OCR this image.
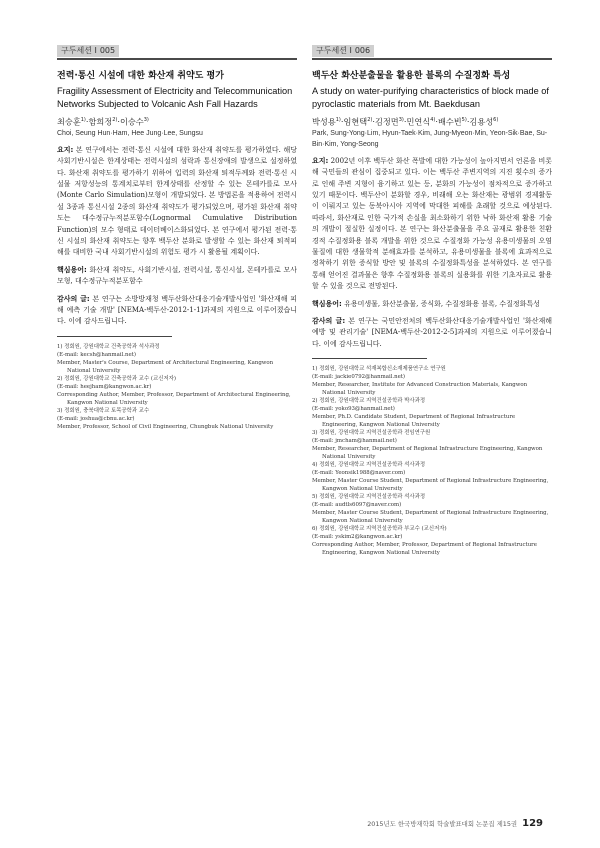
구두세션 I 005
전력·통신 시설에 대한 화산재 취약도 평가
Fragility Assessment of Electricity and Telecommunication Networks Subjected to Volcanic Ash Fall Hazards
최승훈$^{1)}$·함희정$^{2)}$·이승수$^{3)}$
Choi, Seung Hun·Ham, Hee Jung·Lee, Sungsu

요지: 본 연구에서는 전력·통신 시설에 대한 화산재 취약도를 평가하였다. 해당 사회기반시설은 한계상태는 전력시설의 섬락과 통신장애의 발생으로 설정하였다. 화산재 취약도를 평가하기 위하여 입력의 화산재 퇴적두께와 전력·통신 시설물 저항성능의 통계치로부터 한계상태를 산정할 수 있는 몬테카를로 모사(Monte Carlo Simulation)모형이 개발되었다. 본 방법론을 적용하여 전력시설 3종과 통신시설 2종의 화산재 취약도가 평가되었으며, 평가된 화산재 취약도는 대수정규누적분포함수(Lognormal Cumulative Distribution Function)의 모수 형태로 데이터베이스화되었다. 본 연구에서 평가된 전력·통신 시설의 화산재 취약도는 향후 백두산 분화로 발생할 수 있는 화산재 퇴적피해를 대비한 국내 사회기반시설의 위험도 평가 시 활용될 계획이다.

핵심용어: 화산재 취약도, 사회기반시설, 전력시설, 통신시설, 몬테카를로 모사모형, 대수정규누적분포함수

감사의 글: 본 연구는 소방방재청 백두산화산대응기술개발사업인 '화산재해 피해 예측 기술 개발' [NEMA-백두산-2012-1-1]과제의 지원으로 이루어졌습니다. 이에 감사드립니다.

1) 정회원, 강원대학교 건축공학과 석사과정
(E-mail: kecsh@hanmail.net)
Member, Master's Course, Department of Architectural Engineering, Kangwon National University
2) 정회원, 강원대학교 건축공학과 교수 (교신저자)
(E-mail: heejham@kangwon.ac.kr)
Corresponding Author, Member, Professor, Department of Architectural Engineering, Kangwon National University
3) 정회원, 충북대학교 토목공학과 교수
(E-mail: joshua@cbnu.ac.kr)
Member, Professor, School of Civil Engineering, Chungbuk National University
구두세션 I 006
백두산 화산분출물을 활용한 블록의 수질정화 특성
A study on water-purifying characteristics of block made of pyroclastic materials from Mt. Baekdusan
박성용$^{1)}$·임현택$^{2)}$·김정면$^{3)}$·민연식$^{4)}$·배수빈$^{5)}$·김용성$^{6)}$
Park, Sung-Yong·Lim, Hyun-Taek·Kim, Jung-Myeon·Min, Yeon-Sik·Bae, Su-Bin·Kim, Yong-Seong

요지: 2002년 이후 백두산 화산 폭발에 대한 가능성이 높아지면서 언론을 비롯해 국민들의 관심이 집중되고 있다. 이는 백두산 주변지역의 지진 횟수의 증가로 인해 주변 지형이 융기하고 있는 등, 분화의 가능성이 점차적으로 증가하고 있기 때문이다. 백두산이 분화할 경우, 비래해 오는 화산재는 광범위 경제활동이 이뤄지고 있는 동북아시아 지역에 막대한 피해를 초래할 것으로 예상된다. 따라서, 화산재로 인한 국가적 손실을 최소화하기 위한 낙하 화산재 활용 기술의 개발이 절실한 실정이다. 본 연구는 화산분출물을 주요 골재로 활용한 친환경적 수질정화용 블록 개발을 위한 것으로 수질정화 가능성 유용미생물의 오염물질에 대한 생물학적 분해효과를 분석하고, 유용미생물을 블록에 효과적으로 정착하기 위한 증식할 방안 및 블록의 수질정화특성을 분석하였다. 본 연구를 통해 얻어진 결과물은 향후 수질정화용 블록의 실용화를 위한 기초자료로 활용할 수 있을 것으로 전망된다.

핵심용어: 유용미생물, 화산분출물, 증식화, 수질정화용 블록, 수질정화특성

감사의 글: 본 연구는 국민안전처의 백두산화산대응기술개발사업인 '화산재해 예방 및 관리기술' [NEMA-백두산-2012-2-5]과제의 지원으로 이루어졌습니다. 이에 감사드립니다.

1) 정회원, 강원대학교 석재복합신소재제품연구소 연구원
(E-mail: jackie0792@hanmail.net)
Member, Researcher, Institute for Advanced Construction Materials, Kangwon National University
2) 정회원, 강원대학교 지역건설공학과 박사과정
(E-mail: yoko93@hanmail.net)
Member, Ph.D. Candidate Student, Department of Regional Infrastructure Engineering, Kangwon National University
3) 정회원, 강원대학교 지역건설공학과 전임연구원
(E-mail: jmcham@hanmail.net)
Member, Researcher, Department of Regional Infrastructure Engineering, Kangwon National University
4) 정회원, 강원대학교 지역건설공학과 석사과정
(E-mail: Yeonsik1988@naver.com)
Member, Master Course Student, Department of Regional Infrastructure Engineering, Kangwon National University
5) 정회원, 강원대학교 지역건설공학과 석사과정
(E-mail: audtls6097@naver.com)
Member, Master Course Student, Department of Regional Infrastructure Engineering, Kangwon National University
6) 정회원, 강원대학교 지역건설공학과 부교수 (교신저자)
(E-mail: yskim2@kangwon.ac.kr)
Corresponding Author, Member, Professor, Department of Regional Infrastructure Engineering, Kangwon National University
2015년도 한국방재학회 학술발표대회 논문집 제15권 129
